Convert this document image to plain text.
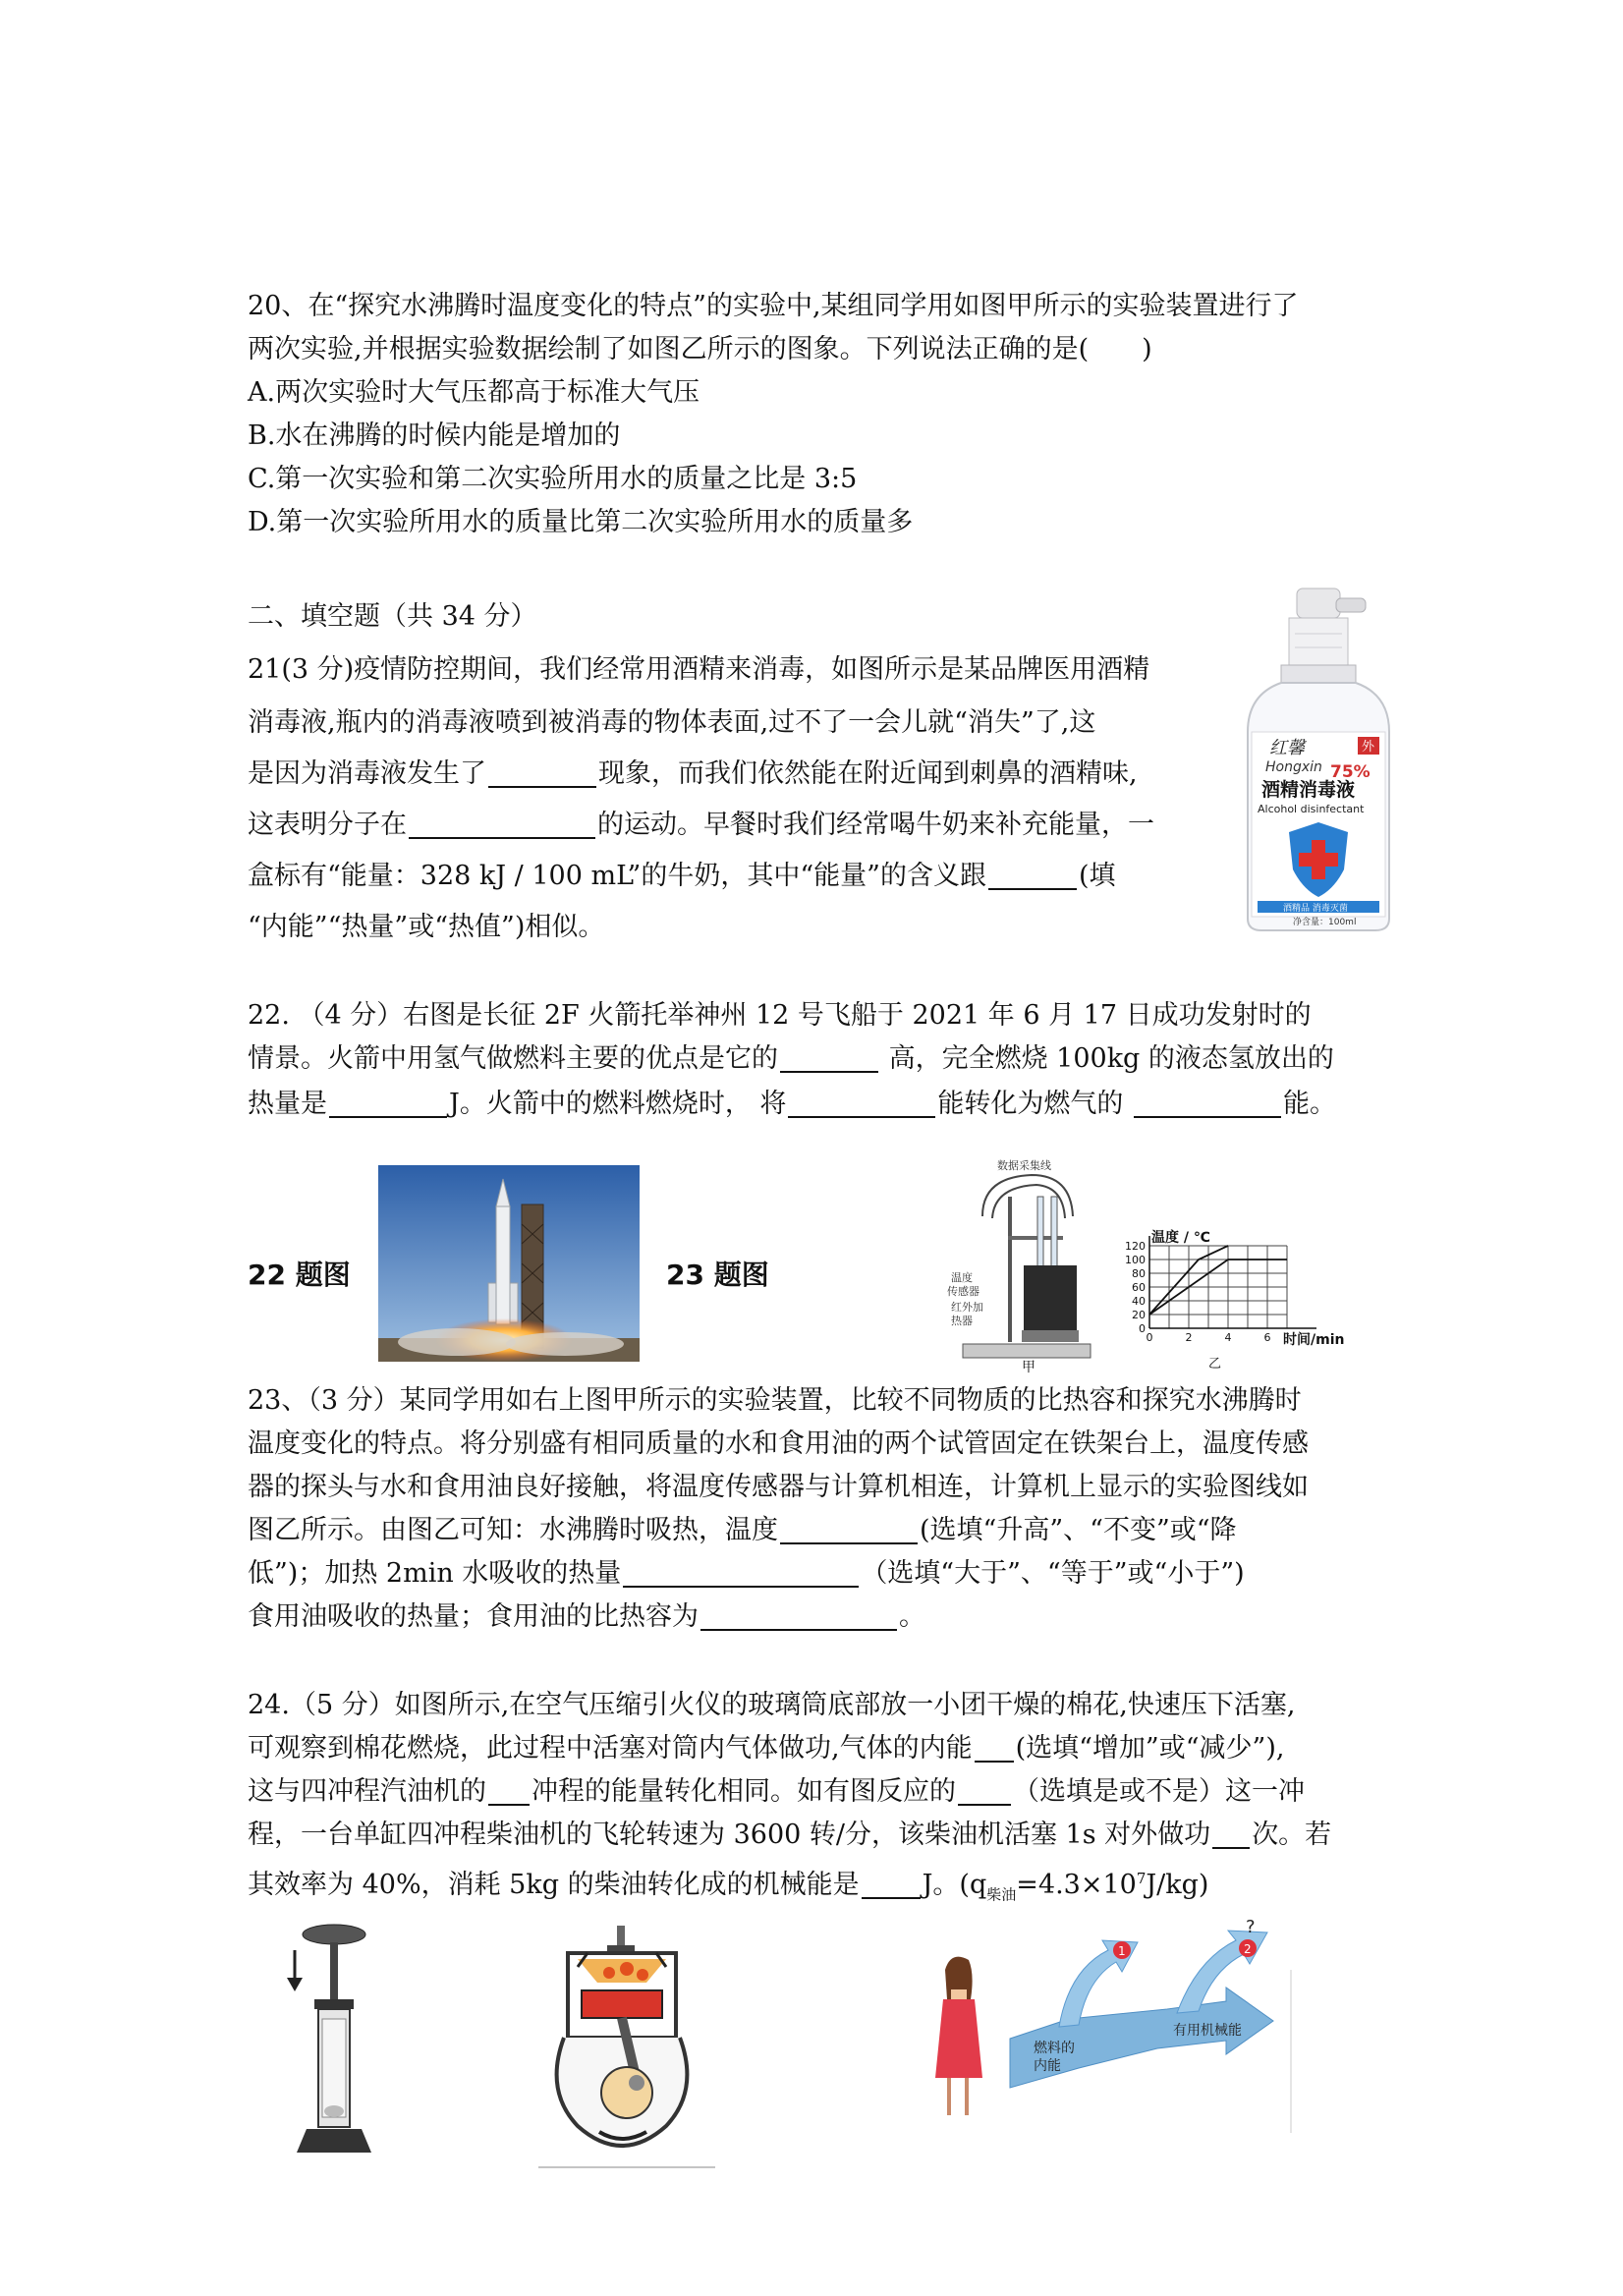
20、在“探究水沸腾时温度变化的特点”的实验中,某组同学用如图甲所示的实验装置进行了
两次实验,并根据实验数据绘制了如图乙所示的图象。下列说法正确的是(　　)
A.两次实验时大气压都高于标准大气压
B.水在沸腾的时候内能是增加的
C.第一次实验和第二次实验所用水的质量之比是 3:5
D.第一次实验所用水的质量比第二次实验所用水的质量多
二、填空题（共 34 分）
21(3 分)疫情防控期间，我们经常用酒精来消毒，如图所示是某品牌医用酒精
消毒液,瓶内的消毒液喷到被消毒的物体表面,过不了一会儿就“消失”了,这
是因为消毒液发生了	现象，而我们依然能在附近闻到刺鼻的酒精味,
这表明分子在	的运动。早餐时我们经常喝牛奶来补充能量，一
盒标有“能量：328 kJ / 100 mL”的牛奶，其中“能量”的含义跟	(填
“内能”“热量”或“热值”)相似。
红馨
Hongxin
外
75%
酒精消毒液
Alcohol disinfectant
酒精品 消毒灭菌
净含量：100ml
22. （4 分）右图是长征 2F 火箭托举神州 12 号飞船于 2021 年 6 月 17 日成功发射时的
情景。火箭中用氢气做燃料主要的优点是它的	高，完全燃烧 100kg 的液态氢放出的
热量是	J。火箭中的燃料燃烧时， 将	能转化为燃气的	能。
22 题图	23 题图
数据采集线
温度
传感器
红外加
热器
甲
温度 / ℃
时间/min
乙
0
20
40
60
80
100
120
0	2	4	6
23、（3 分）某同学用如右上图甲所示的实验装置，比较不同物质的比热容和探究水沸腾时
温度变化的特点。将分别盛有相同质量的水和食用油的两个试管固定在铁架台上，温度传感
器的探头与水和食用油良好接触，将温度传感器与计算机相连，计算机上显示的实验图线如
图乙所示。由图乙可知：水沸腾时吸热，温度	(选填“升高”、“不变”或“降
低”)；加热 2min 水吸收的热量	（选填“大于”、“等于”或“小于”)
食用油吸收的热量；食用油的比热容为	。
24.（5 分）如图所示,在空气压缩引火仪的玻璃筒底部放一小团干燥的棉花,快速压下活塞,
可观察到棉花燃烧，此过程中活塞对筒内气体做功,气体的内能 (选填“增加”或“减少”),
这与四冲程汽油机的 冲程的能量转化相同。如有图反应的 （选填是或不是）这一冲
程，一台单缸四冲程柴油机的飞轮转速为 3600 转/分，该柴油机活塞 1s 对外做功 次。若
其效率为 40%，消耗 5kg 的柴油转化成的机械能是 J。$(q_{柴油}=4.3\times 10^7J/kg)$
1	2
?
燃料的
内能
有用机械能
